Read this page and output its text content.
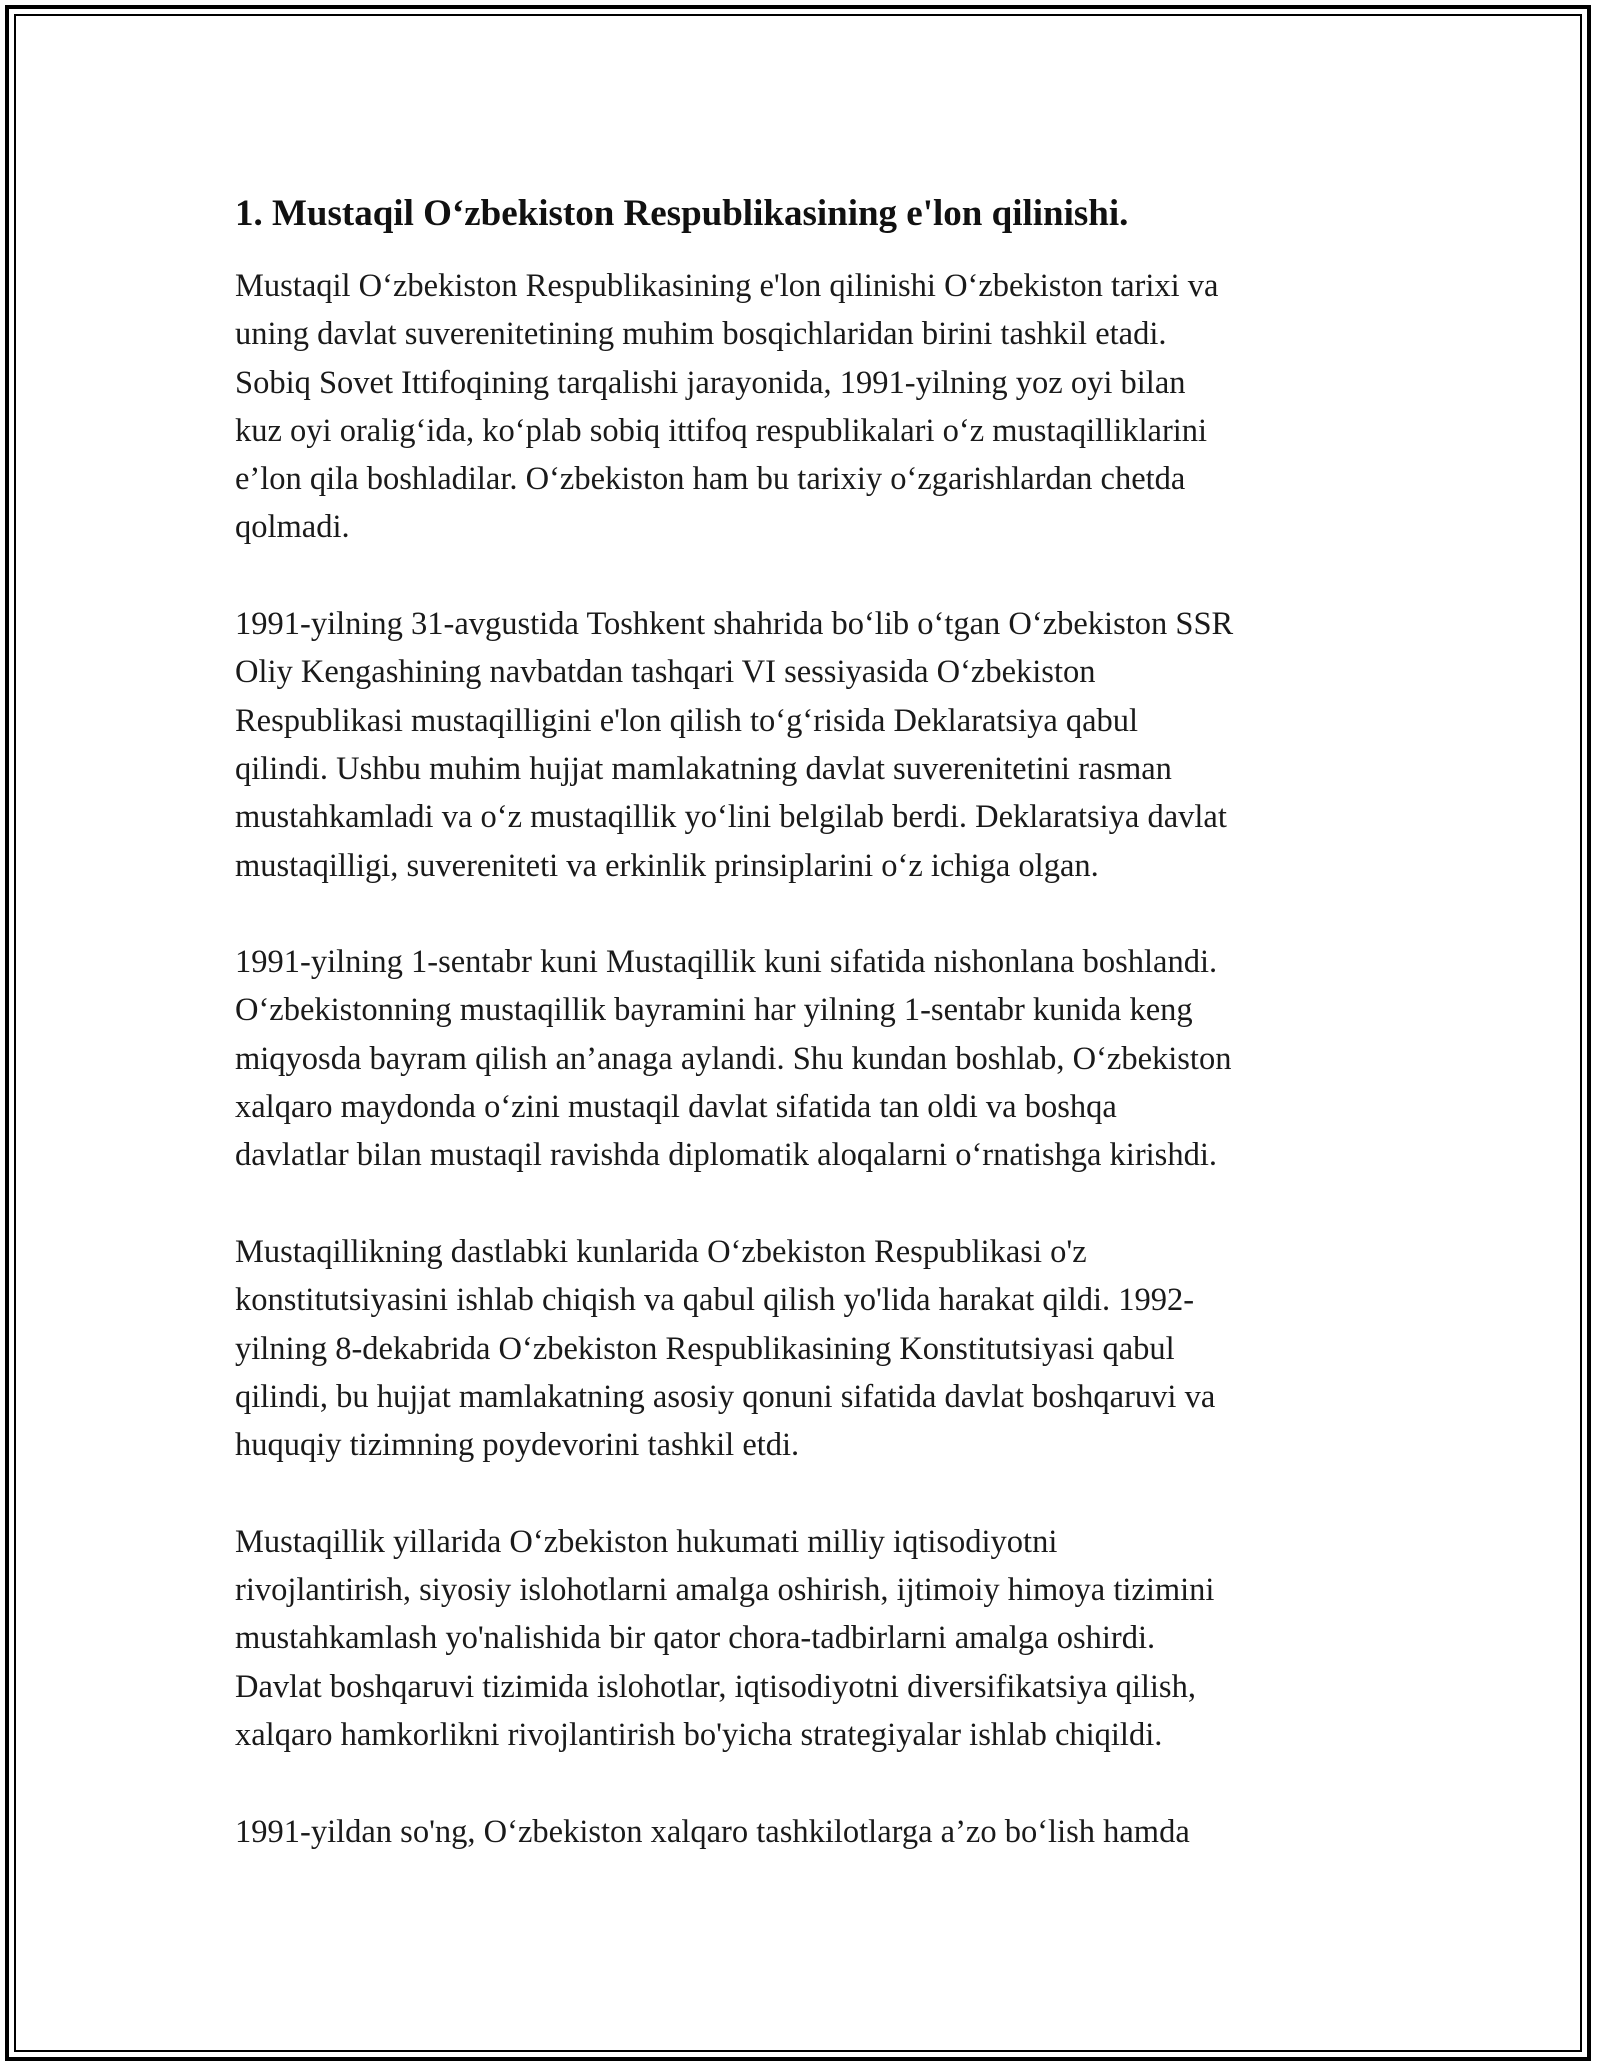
1. Mustaqil Oʻzbekiston Respublikasining e'lon qilinishi.
Mustaqil Oʻzbekiston Respublikasining e'lon qilinishi Oʻzbekiston tarixi va
uning davlat suverenitetining muhim bosqichlaridan birini tashkil etadi.
Sobiq Sovet Ittifoqining tarqalishi jarayonida, 1991-yilning yoz oyi bilan
kuz oyi oraligʻida, koʻplab sobiq ittifoq respublikalari oʻz mustaqilliklarini
e’lon qila boshladilar. Oʻzbekiston ham bu tarixiy oʻzgarishlardan chetda
qolmadi.
1991-yilning 31-avgustida Toshkent shahrida boʻlib oʻtgan Oʻzbekiston SSR
Oliy Kengashining navbatdan tashqari VI sessiyasida Oʻzbekiston
Respublikasi mustaqilligini e'lon qilish toʻgʻrisida Deklaratsiya qabul
qilindi. Ushbu muhim hujjat mamlakatning davlat suverenitetini rasman
mustahkamladi va oʻz mustaqillik yoʻlini belgilab berdi. Deklaratsiya davlat
mustaqilligi, suvereniteti va erkinlik prinsiplarini oʻz ichiga olgan.
1991-yilning 1-sentabr kuni Mustaqillik kuni sifatida nishonlana boshlandi.
Oʻzbekistonning mustaqillik bayramini har yilning 1-sentabr kunida keng
miqyosda bayram qilish an’anaga aylandi. Shu kundan boshlab, Oʻzbekiston
xalqaro maydonda oʻzini mustaqil davlat sifatida tan oldi va boshqa
davlatlar bilan mustaqil ravishda diplomatik aloqalarni oʻrnatishga kirishdi.
Mustaqillikning dastlabki kunlarida Oʻzbekiston Respublikasi o'z
konstitutsiyasini ishlab chiqish va qabul qilish yo'lida harakat qildi. 1992-
yilning 8-dekabrida Oʻzbekiston Respublikasining Konstitutsiyasi qabul
qilindi, bu hujjat mamlakatning asosiy qonuni sifatida davlat boshqaruvi va
huquqiy tizimning poydevorini tashkil etdi.
Mustaqillik yillarida Oʻzbekiston hukumati milliy iqtisodiyotni
rivojlantirish, siyosiy islohotlarni amalga oshirish, ijtimoiy himoya tizimini
mustahkamlash yo'nalishida bir qator chora-tadbirlarni amalga oshirdi.
Davlat boshqaruvi tizimida islohotlar, iqtisodiyotni diversifikatsiya qilish,
xalqaro hamkorlikni rivojlantirish bo'yicha strategiyalar ishlab chiqildi.
1991-yildan so'ng, Oʻzbekiston xalqaro tashkilotlarga a’zo boʻlish hamda
